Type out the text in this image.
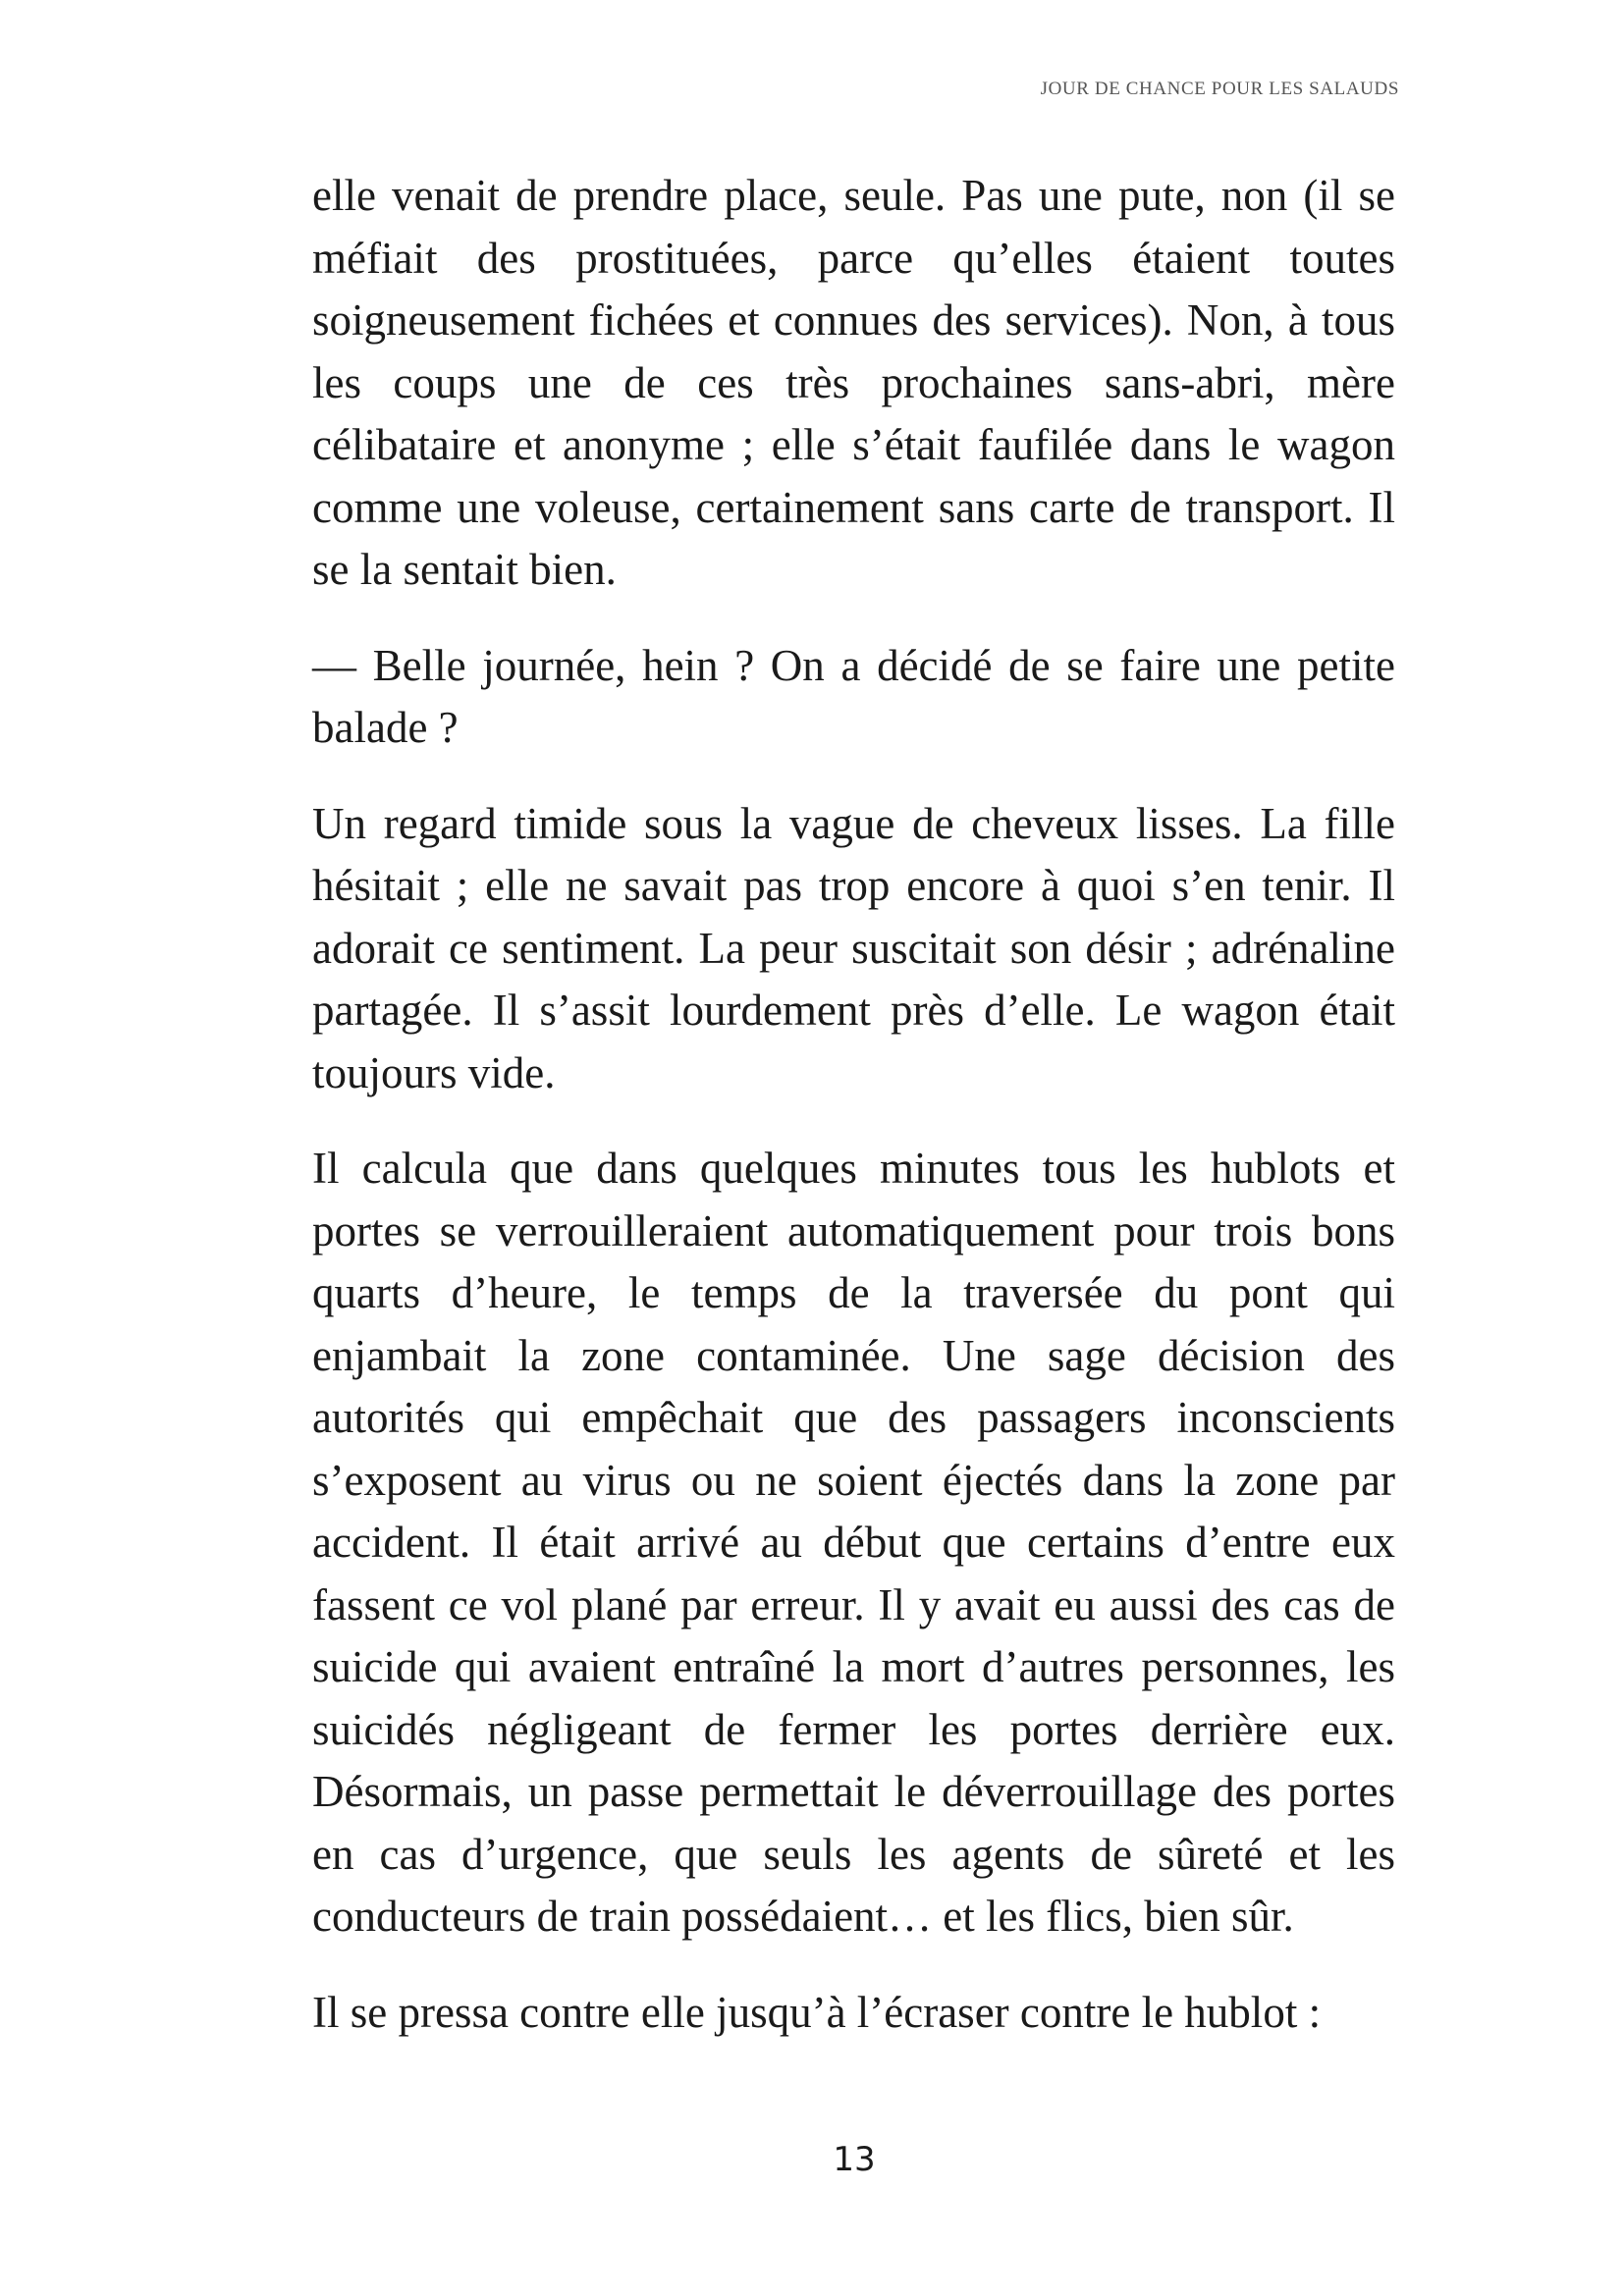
JOUR DE CHANCE POUR LES SALAUDS

elle venait de prendre place, seule. Pas une pute, non (il se méfiait des prostituées, parce qu’elles étaient toutes soigneusement fichées et connues des services). Non, à tous les coups une de ces très prochaines sans-abri, mère célibataire et anonyme ; elle s’était faufilée dans le wagon comme une voleuse, certainement sans carte de transport. Il se la sentait bien.

— Belle journée, hein ? On a décidé de se faire une petite balade ?

Un regard timide sous la vague de cheveux lisses. La fille hésitait ; elle ne savait pas trop encore à quoi s’en tenir. Il adorait ce sentiment. La peur suscitait son désir ; adrénaline partagée. Il s’assit lourdement près d’elle. Le wagon était toujours vide.

Il calcula que dans quelques minutes tous les hublots et portes se verrouilleraient automatiquement pour trois bons quarts d’heure, le temps de la traversée du pont qui enjambait la zone contaminée. Une sage décision des autorités qui empêchait que des passagers inconscients s’exposent au virus ou ne soient éjectés dans la zone par accident. Il était arrivé au début que certains d’entre eux fassent ce vol plané par erreur. Il y avait eu aussi des cas de suicide qui avaient entraîné la mort d’autres personnes, les suicidés négligeant de fermer les portes derrière eux. Désormais, un passe permettait le déverrouillage des portes en cas d’urgence, que seuls les agents de sûreté et les conducteurs de train possédaient… et les flics, bien sûr.

Il se pressa contre elle jusqu’à l’écraser contre le hublot :

13
